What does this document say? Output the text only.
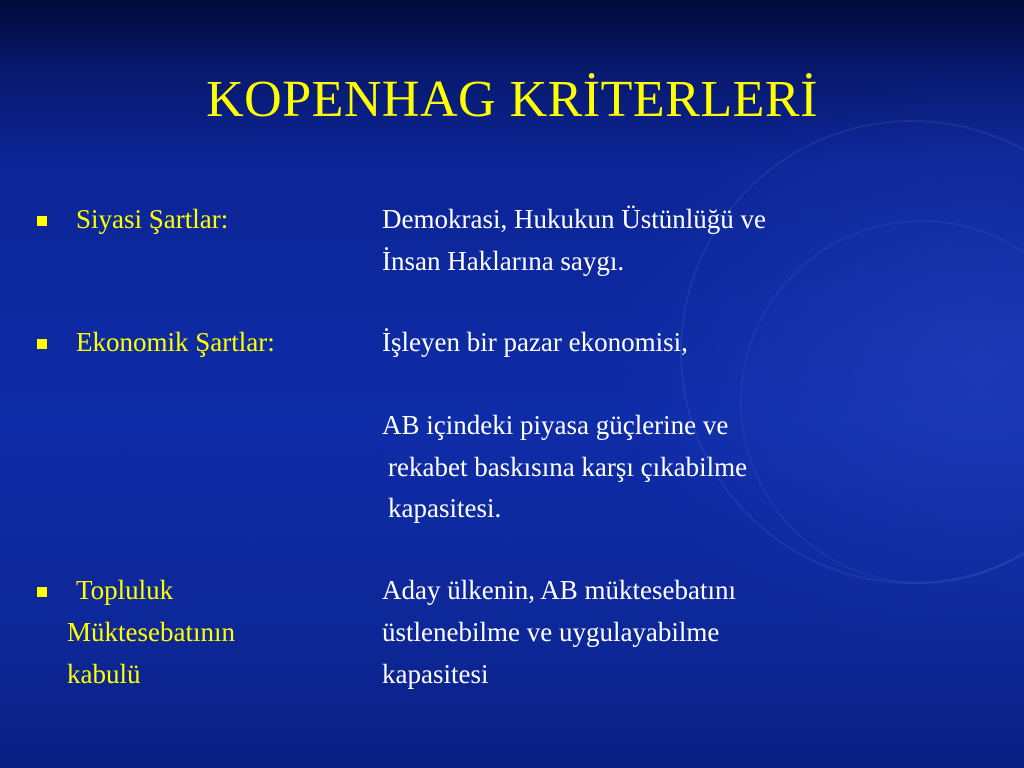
KOPENHAG KRİTERLERİ
Siyasi Şartlar:	Demokrasi, Hukukun Üstünlüğü ve
İnsan Haklarına saygı.
Ekonomik Şartlar:	İşleyen bir pazar ekonomisi,
AB içindeki piyasa güçlerine ve
rekabet baskısına karşı çıkabilme
kapasitesi.
Topluluk
Müktesebatının
kabulü
Aday ülkenin, AB müktesebatını
üstlenebilme ve uygulayabilme
kapasitesi
